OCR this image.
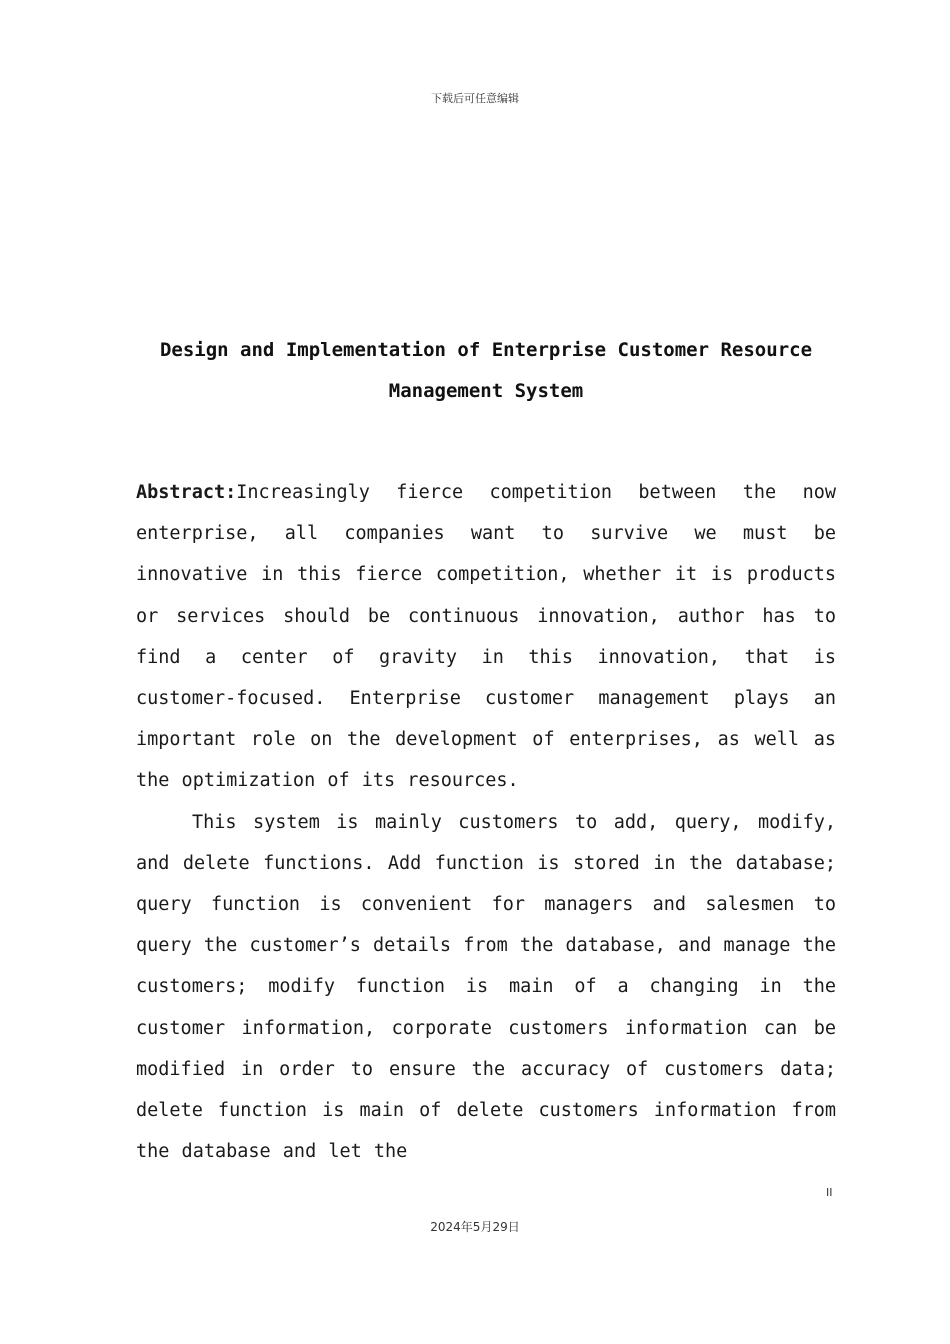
下载后可任意编辑
Design and Implementation of Enterprise Customer Resource Management System

Abstract:Increasingly fierce competition between the now enterprise, all companies want to survive we must be innovative in this fierce competition, whether it is products or services should be continuous innovation, author has to find a center of gravity in this innovation, that is customer-focused. Enterprise customer management plays an important role on the development of enterprises, as well as the optimization of its resources.

This system is mainly customers to add, query, modify, and delete functions. Add function is stored in the database; query function is convenient for managers and salesmen to query the customer’s details from the database, and manage the customers; modify function is main of a changing in the customer information, corporate customers information can be modified in order to ensure the accuracy of customers data; delete function is main of delete customers information from the database and let the

II
2024年5月29日
